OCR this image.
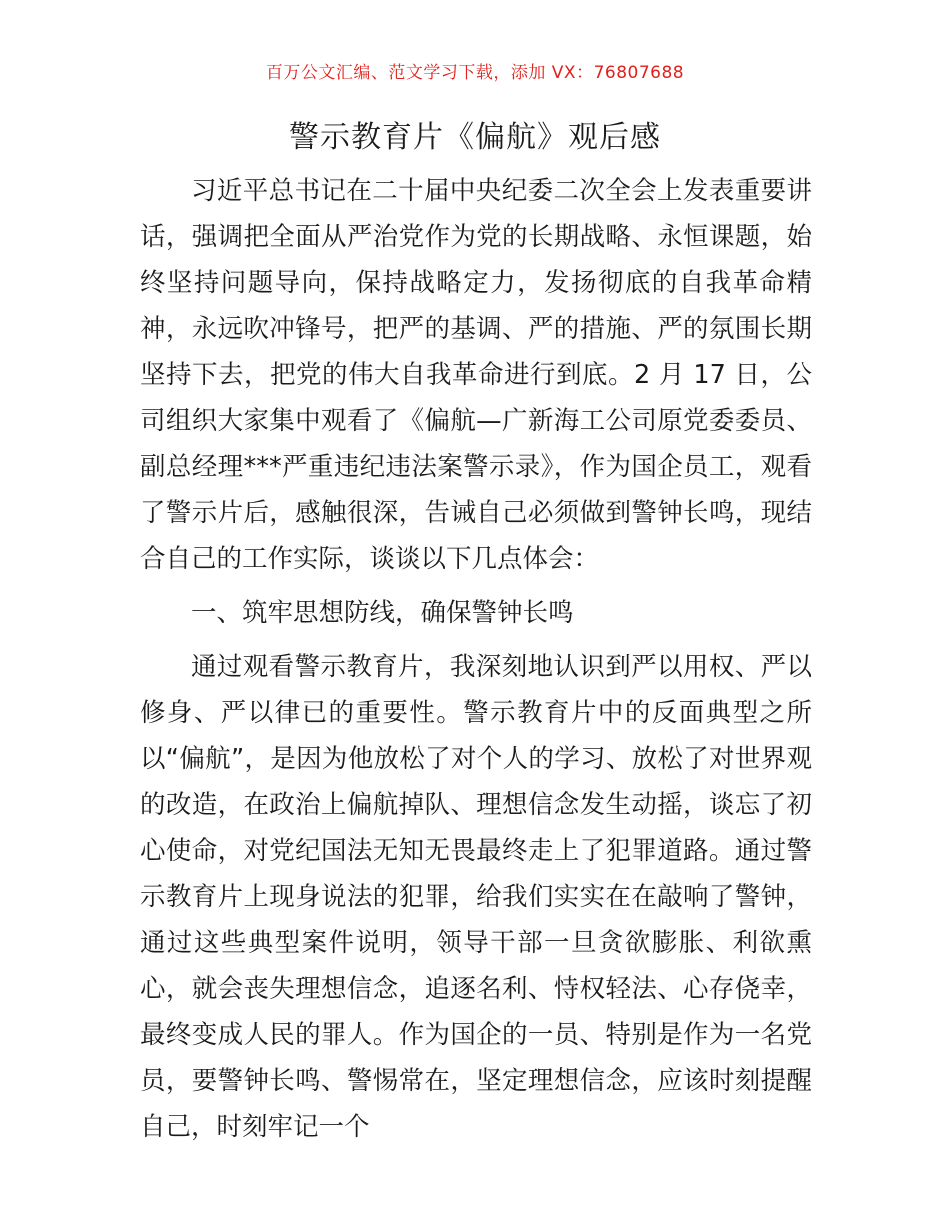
百万公文汇编、范文学习下载，添加 VX：76807688
警示教育片《偏航》观后感

习近平总书记在二十届中央纪委二次全会上发表重要讲话，强调把全面从严治党作为党的长期战略、永恒课题，始终坚持问题导向，保持战略定力，发扬彻底的自我革命精神，永远吹冲锋号，把严的基调、严的措施、严的氛围长期坚持下去，把党的伟大自我革命进行到底。2 月 17 日，公司组织大家集中观看了《偏航—广新海工公司原党委委员、副总经理***严重违纪违法案警示录》，作为国企员工，观看了警示片后，感触很深，告诫自己必须做到警钟长鸣，现结合自己的工作实际，谈谈以下几点体会：

一、筑牢思想防线，确保警钟长鸣

通过观看警示教育片，我深刻地认识到严以用权、严以修身、严以律已的重要性。警示教育片中的反面典型之所以“偏航”，是因为他放松了对个人的学习、放松了对世界观的改造，在政治上偏航掉队、理想信念发生动摇，谈忘了初心使命，对党纪国法无知无畏最终走上了犯罪道路。通过警示教育片上现身说法的犯罪，给我们实实在在敲响了警钟，通过这些典型案件说明，领导干部一旦贪欲膨胀、利欲熏心，就会丧失理想信念，追逐名利、恃权轻法、心存侥幸，最终变成人民的罪人。作为国企的一员、特别是作为一名党员，要警钟长鸣、警惕常在，坚定理想信念，应该时刻提醒自己，时刻牢记一个
